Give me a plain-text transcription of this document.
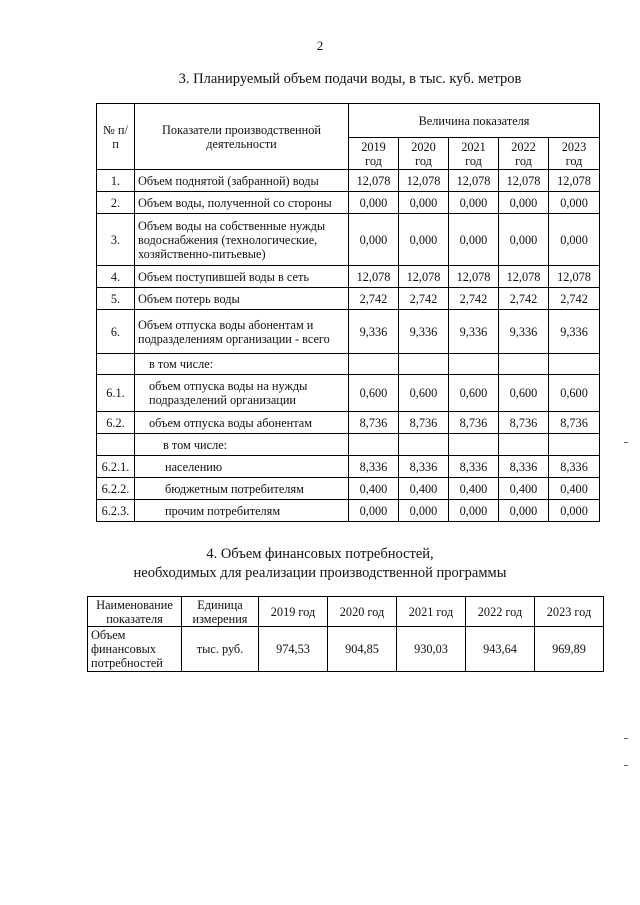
2
3. Планируемый объем подачи воды, в тыс. куб. метров
№ п/п	Показатели производственной деятельности	Величина показателя				
		2019 год	2020 год	2021 год	2022 год	2023 год
1.	Объем поднятой (забранной) воды	12,078	12,078	12,078	12,078	12,078
2.	Объем воды, полученной со стороны	0,000	0,000	0,000	0,000	0,000
3.	Объем воды на собственные нужды водоснабжения (технологические, хозяйственно-питьевые)	0,000	0,000	0,000	0,000	0,000
4.	Объем поступившей воды в сеть	12,078	12,078	12,078	12,078	12,078
5.	Объем потерь воды	2,742	2,742	2,742	2,742	2,742
6.	Объем отпуска воды абонентам и подразделениям организации - всего	9,336	9,336	9,336	9,336	9,336
	в том числе:					
6.1.	объем отпуска воды на нужды подразделений организации	0,600	0,600	0,600	0,600	0,600
6.2.	объем отпуска воды абонентам	8,736	8,736	8,736	8,736	8,736
	в том числе:					
6.2.1.	населению	8,336	8,336	8,336	8,336	8,336
6.2.2.	бюджетным потребителям	0,400	0,400	0,400	0,400	0,400
6.2.3.	прочим потребителям	0,000	0,000	0,000	0,000	0,000
4. Объем финансовых потребностей,
необходимых для реализации производственной программы
Наименование показателя	Единица измерения	2019 год	2020 год	2021 год	2022 год	2023 год
Объем финансовых потребностей	тыс. руб.	974,53	904,85	930,03	943,64	969,89
